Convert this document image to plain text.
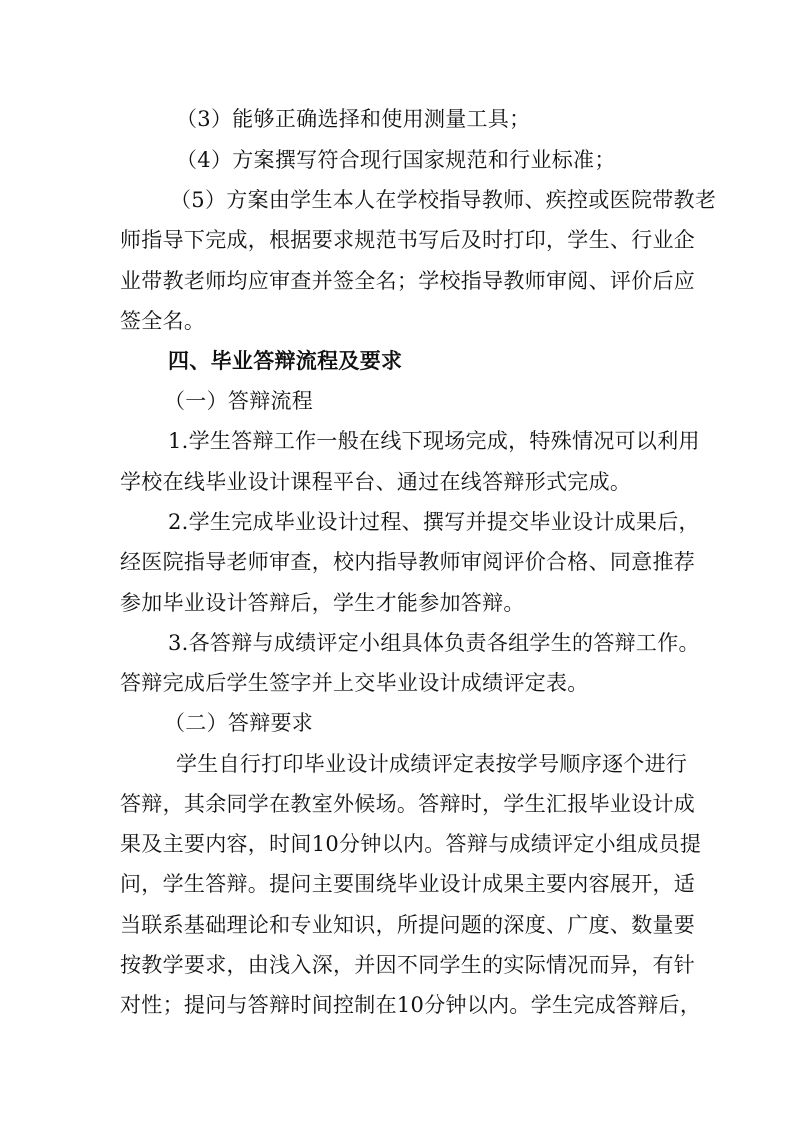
（3）能够正确选择和使用测量工具；
（4）方案撰写符合现行国家规范和行业标准；
（5）方案由学生本人在学校指导教师、疾控或医院带教老
师指导下完成，根据要求规范书写后及时打印，学生、行业企
业带教老师均应审查并签全名；学校指导教师审阅、评价后应
签全名。
四、毕业答辩流程及要求
（一）答辩流程
1.学生答辩工作一般在线下现场完成，特殊情况可以利用
学校在线毕业设计课程平台、通过在线答辩形式完成。
2.学生完成毕业设计过程、撰写并提交毕业设计成果后，
经医院指导老师审查，校内指导教师审阅评价合格、同意推荐
参加毕业设计答辩后，学生才能参加答辩。
3.各答辩与成绩评定小组具体负责各组学生的答辩工作。
答辩完成后学生签字并上交毕业设计成绩评定表。
（二）答辩要求
学生自行打印毕业设计成绩评定表按学号顺序逐个进行
答辩，其余同学在教室外候场。答辩时，学生汇报毕业设计成
果及主要内容，时间10分钟以内。答辩与成绩评定小组成员提
问，学生答辩。提问主要围绕毕业设计成果主要内容展开，适
当联系基础理论和专业知识，所提问题的深度、广度、数量要
按教学要求，由浅入深，并因不同学生的实际情况而异，有针
对性；提问与答辩时间控制在10分钟以内。学生完成答辩后，
